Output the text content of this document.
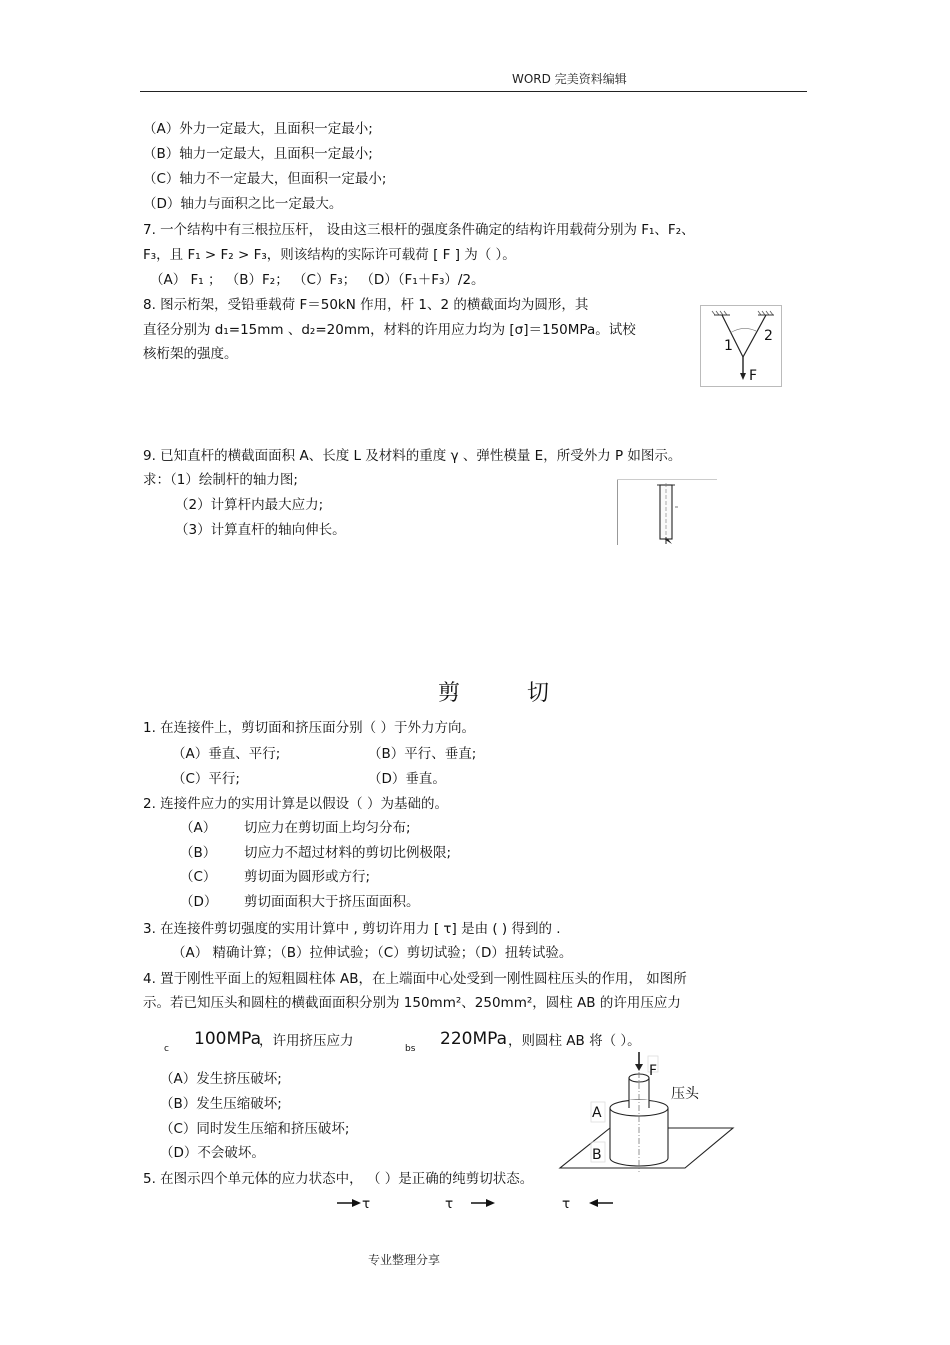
WORD 完美资料编辑
（A）外力一定最大，且面积一定最小;
（B）轴力一定最大，且面积一定最小;
（C）轴力不一定最大，但面积一定最小;
（D）轴力与面积之比一定最大。
7. 一个结构中有三根拉压杆， 设由这三根杆的强度条件确定的结构许用载荷分别为 F₁、F₂、
F₃，且 F₁ > F₂ > F₃，则该结构的实际许可载荷 [ F ] 为（ ）。
（A） F₁ ； （B）F₂； （C）F₃； （D）（F₁＋F₃）/2。
8. 图示桁架，受铅垂载荷 F＝50kN 作用，杆 1、2 的横截面均为圆形，其
直径分别为 d₁=15mm 、d₂=20mm，材料的许用应力均为 [σ]＝150MPa。试校
核桁架的强度。	1
2
F
9. 已知直杆的横截面面积 A、长度 L 及材料的重度 γ 、弹性模量 E，所受外力 P 如图示。
求：（1）绘制杆的轴力图;
（2）计算杆内最大应力;
（3）计算直杆的轴向伸长。
剪 切
1. 在连接件上，剪切面和挤压面分别（ ）于外力方向。
（A）垂直、平行;	（B）平行、垂直;
（C）平行;	（D）垂直。
2. 连接件应力的实用计算是以假设（ ）为基础的。
（A） 切应力在剪切面上均匀分布;
（B） 切应力不超过材料的剪切比例极限;
（C） 剪切面为圆形或方行;
（D） 剪切面面积大于挤压面面积。
3. 在连接件剪切强度的实用计算中 , 剪切许用力 [ τ] 是由 ( ) 得到的 .
（A） 精确计算；（B）拉伸试验；（C）剪切试验；（D）扭转试验。
4. 置于刚性平面上的短粗圆柱体 AB，在上端面中心处受到一刚性圆柱压头的作用， 如图所
示。若已知压头和圆柱的横截面面积分别为 150mm²、250mm²，圆柱 AB 的许用压应力
c 100MPa
，许用挤压应力	bs 220MPa ，则圆柱 AB 将（ ）。
（A）发生挤压破坏;
（B）发生压缩破坏;
（C）同时发生压缩和挤压破坏;
（D）不会破坏。
F
压头
A
B
5. 在图示四个单元体的应力状态中， （ ）是正确的纯剪切状态。
τ	τ	τ
专业整理分享
